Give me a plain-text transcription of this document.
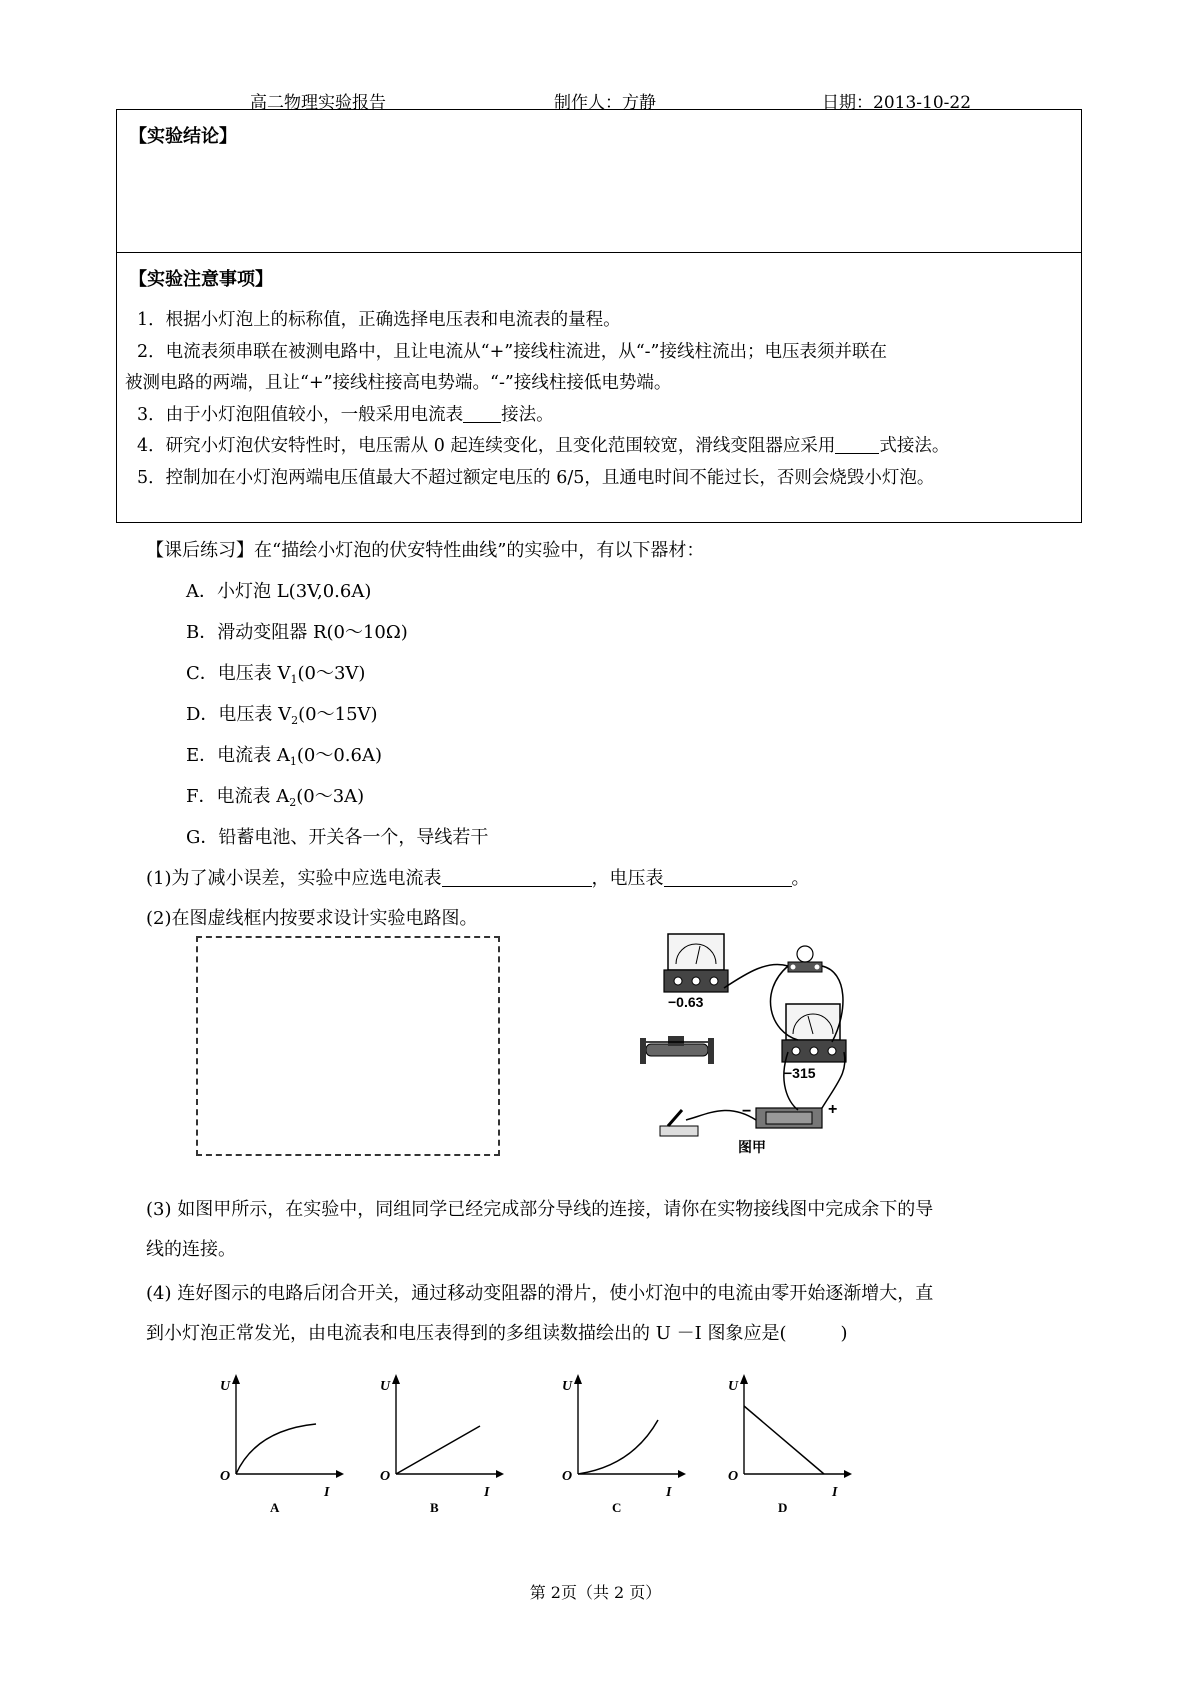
高二物理实验报告	制作人：方静	日期：2013-10-22
【实验结论】
【实验注意事项】

1．根据小灯泡上的标称值，正确选择电压表和电流表的量程。

2．电流表须串联在被测电路中，且让电流从“+”接线柱流进，从“-”接线柱流出；电压表须并联在

被测电路的两端，且让“+”接线柱接高电势端。“-”接线柱接低电势端。

3．由于小灯泡阻值较小，一般采用电流表 接法。

4．研究小灯泡伏安特性时，电压需从 0 起连续变化，且变化范围较宽，滑线变阻器应采用	式接法。

5．控制加在小灯泡两端电压值最大不超过额定电压的 6/5，且通电时间不能过长，否则会烧毁小灯泡。

【课后练习】在“描绘小灯泡的伏安特性曲线”的实验中，有以下器材：
A．小灯泡 L(3V,0.6A)
B．滑动变阻器 R(0～10Ω)
C．电压表 $V_1(0\sim 3V)$
D．电压表 $V_2(0\sim 15V)$
E．电流表 $A_1(0\sim 0.6A)$
F．电流表 $A_2(0\sim 3A)$
G．铅蓄电池、开关各一个，导线若干
(1)为了减小误差，实验中应选电流表	，电压表	。
(2)在图虚线框内按要求设计实验电路图。
−0.63
−315
−	+
图甲

(3) 如图甲所示，在实验中，同组同学已经完成部分导线的连接，请你在实物接线图中完成余下的导

线的连接。

(4) 连好图示的电路后闭合开关，通过移动变阻器的滑片，使小灯泡中的电流由零开始逐渐增大，直

到小灯泡正常发光，由电流表和电压表得到的多组读数描绘出的 U －I 图象应是(　　　)

U
O
I
A
U
O
I
B
U
O
I
C
U
O
I
D
第 2页（共 2 页）
